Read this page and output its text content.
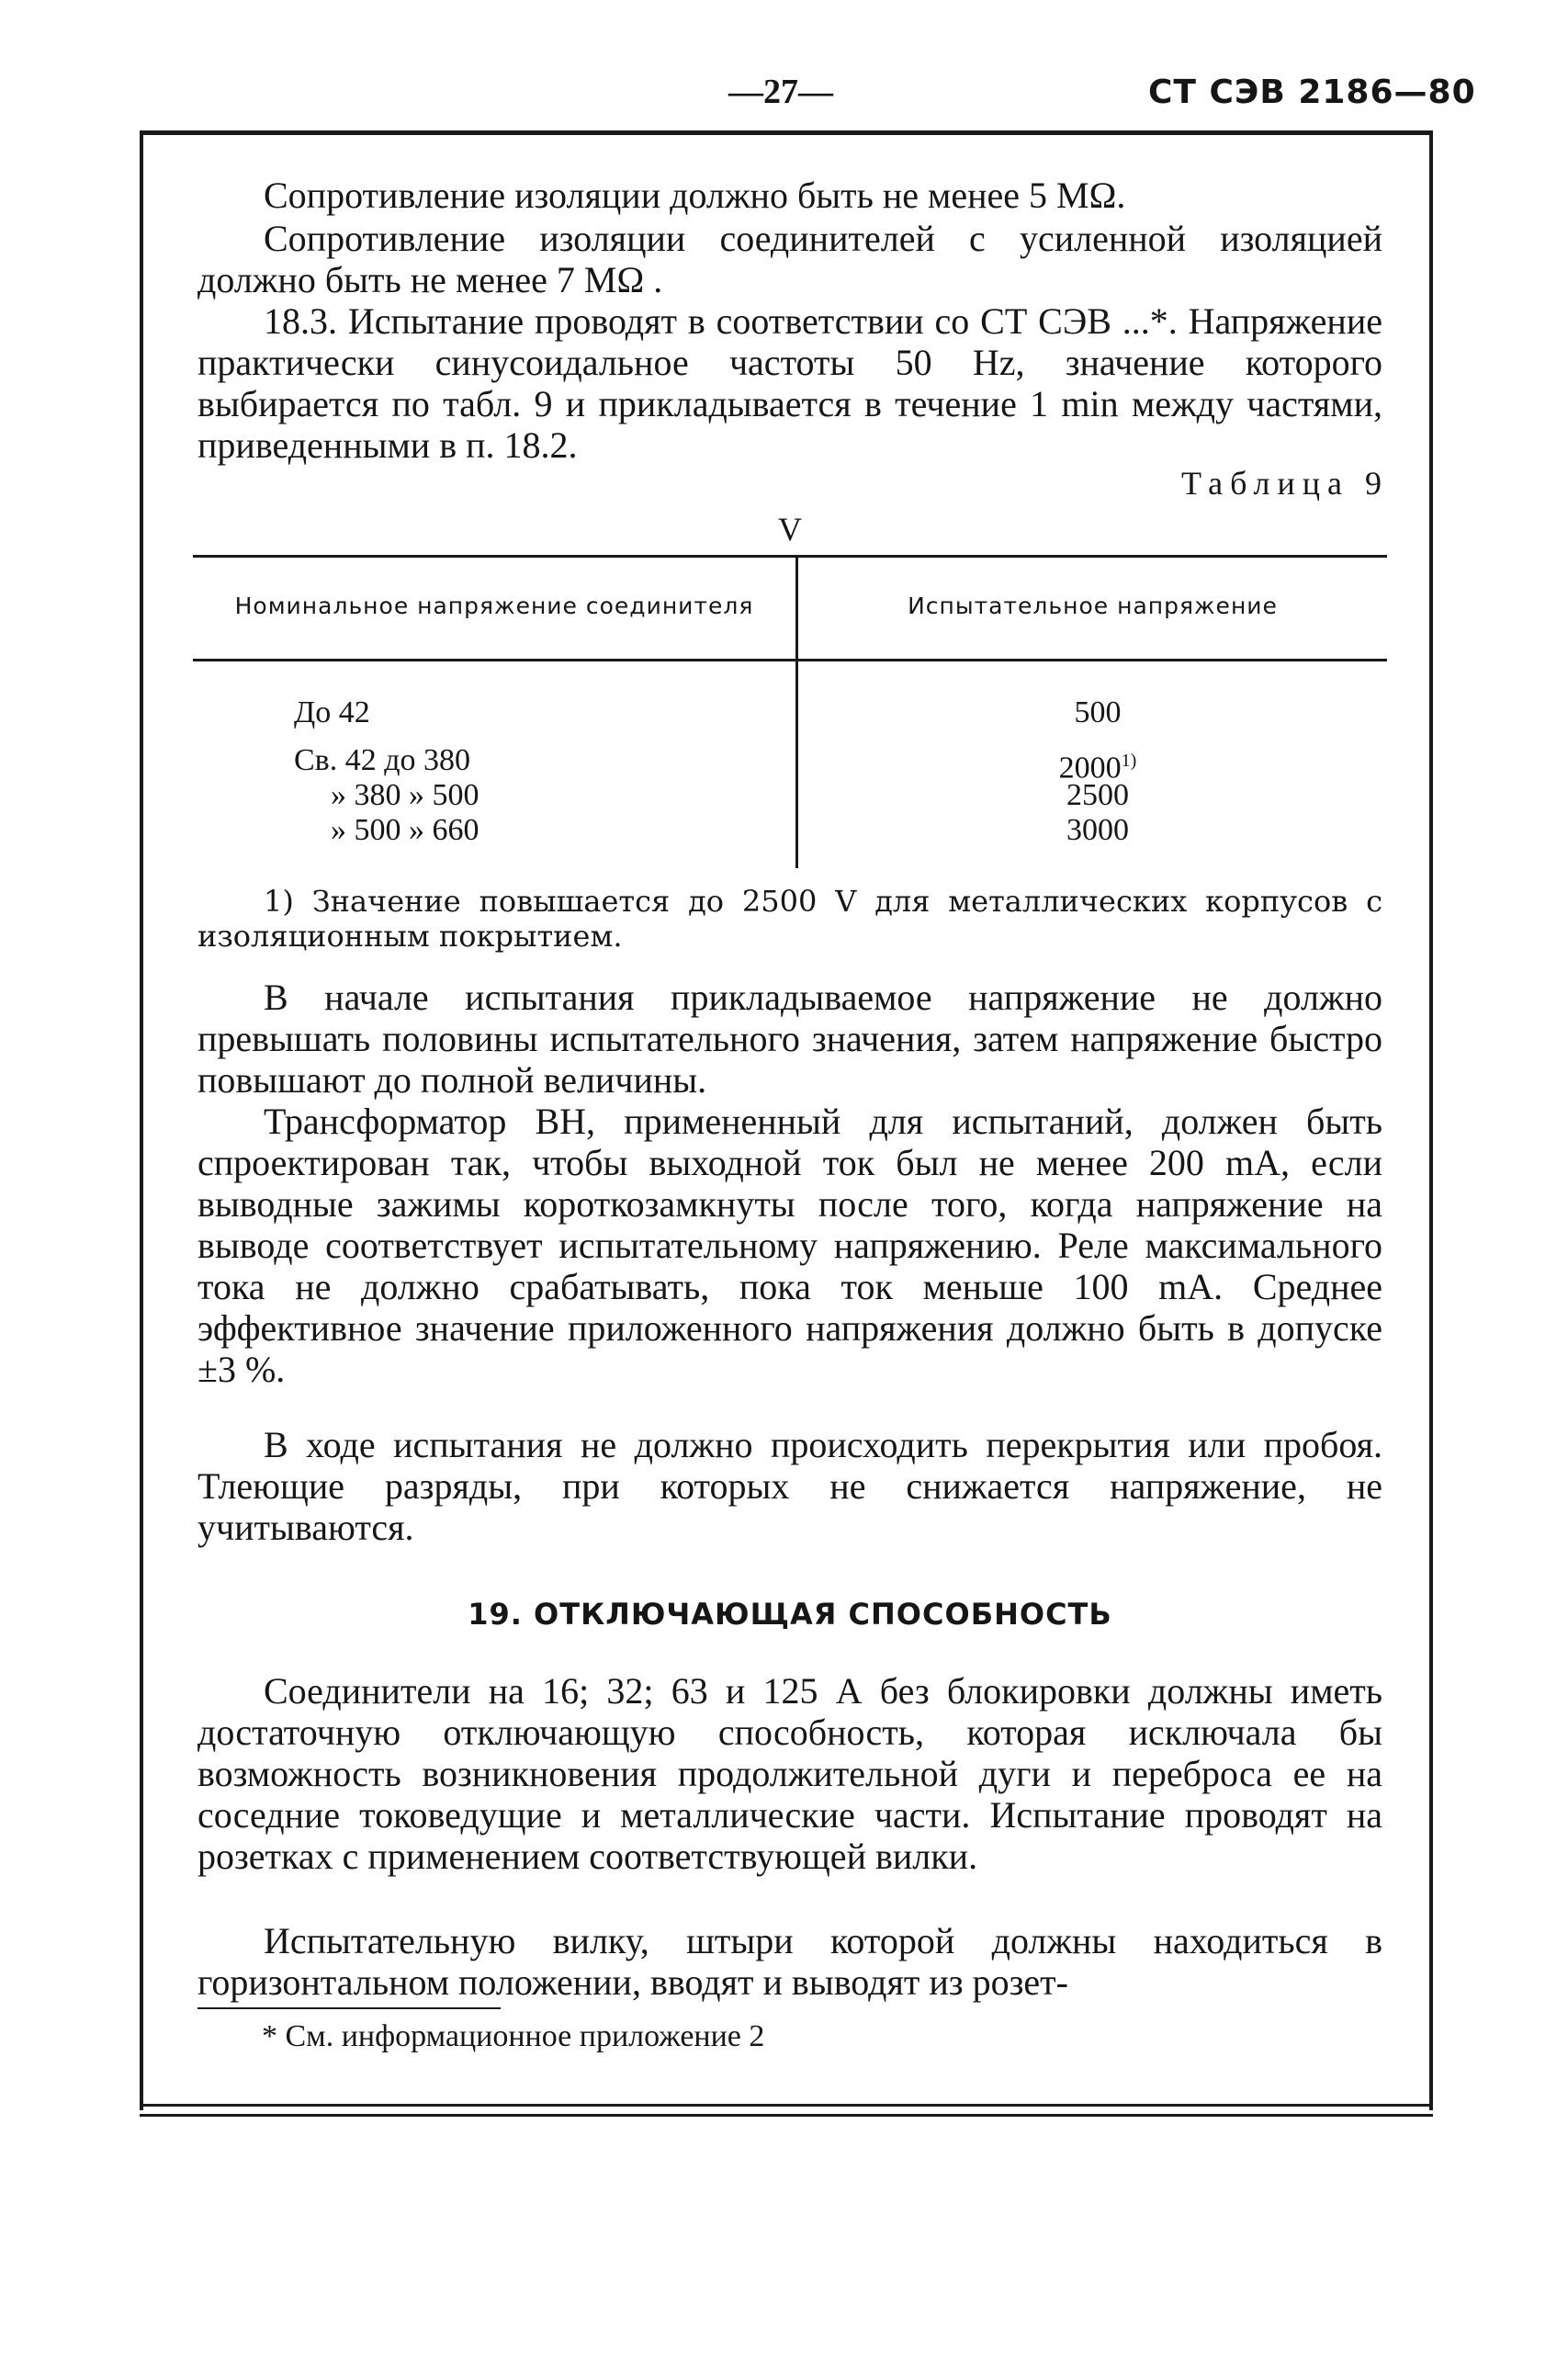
—27—	СТ СЭВ 2186—80

Сопротивление изоляции должно быть не менее 5 MΩ.

Сопротивление изоляции соединителей с усиленной изоляцией должно быть не менее 7 MΩ .

18.3. Испытание проводят в соответствии со СТ СЭВ ...*. Напряжение практически синусоидальное частоты 50 Hz, значение которого выбирается по табл. 9 и прикладывается в течение 1 min между частями, приведенными в п. 18.2.

Таблица 9
V
Номинальное напряжение соединителя	Испытательное напряжение
До 42	500
Св. 42 до 380	2000$^{1)}$
» 380 » 500	2500
» 500 » 660	3000

1) Значение повышается до 2500 V для металлических корпусов с изоляционным покрытием.

В начале испытания прикладываемое напряжение не должно превышать половины испытательного значения, затем напряжение быстро повышают до полной величины.

Трансформатор ВН, примененный для испытаний, должен быть спроектирован так, чтобы выходной ток был не менее 200 mA, если выводные зажимы короткозамкнуты после того, когда напряжение на выводе соответствует испытательному напряжению. Реле максимального тока не должно срабатывать, пока ток меньше 100 mA. Среднее эффективное значение приложенного напряжения должно быть в допуске ±3 %.

В ходе испытания не должно происходить перекрытия или пробоя. Тлеющие разряды, при которых не снижается напряжение, не учитываются.

19. ОТКЛЮЧАЮЩАЯ СПОСОБНОСТЬ

Соединители на 16; 32; 63 и 125 А без блокировки должны иметь достаточную отключающую способность, которая исключала бы возможность возникновения продолжительной дуги и переброса ее на соседние токоведущие и металлические части. Испытание проводят на розетках с применением соответствующей вилки.

Испытательную вилку, штыри которой должны находиться в горизонтальном положении, вводят и выводят из розет-

* См. информационное приложение 2
